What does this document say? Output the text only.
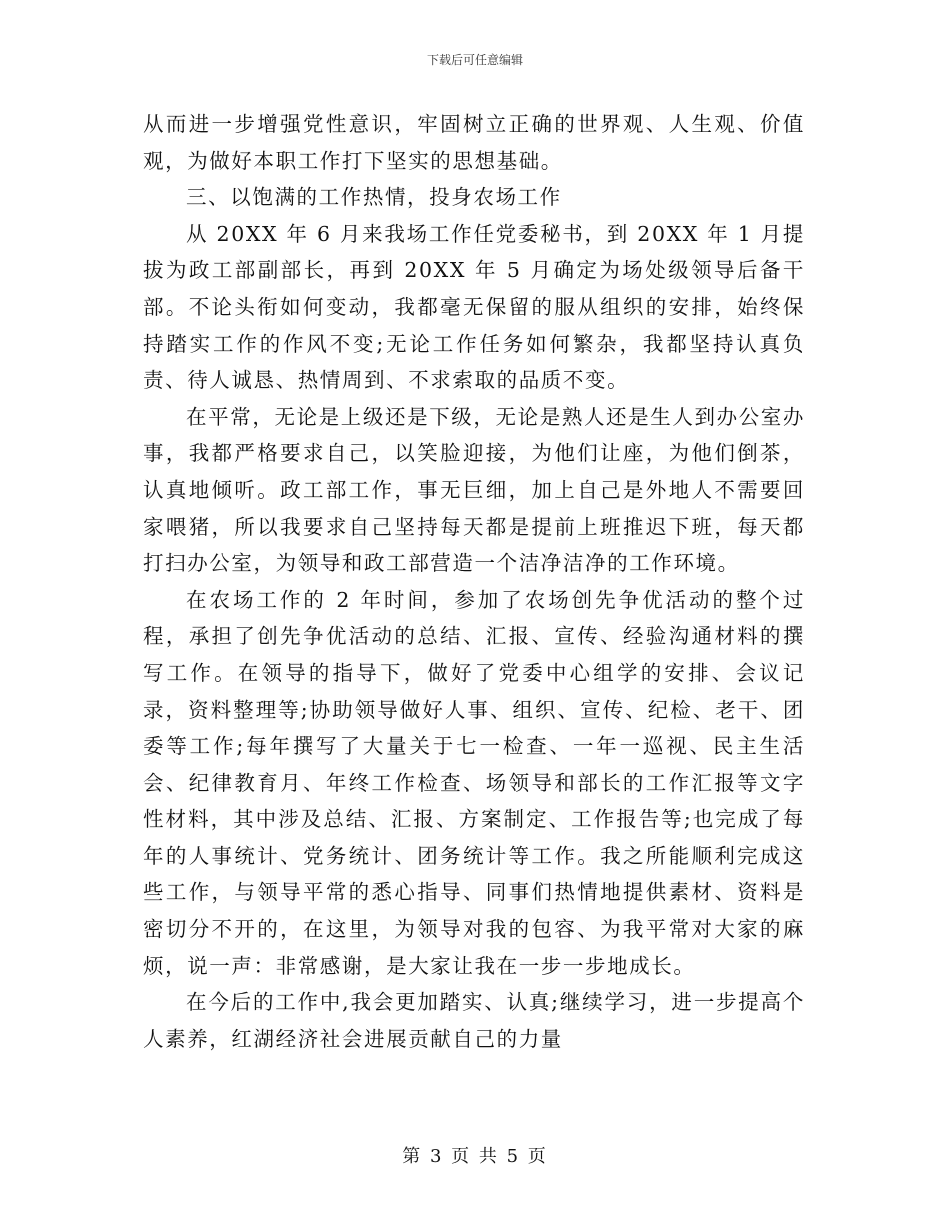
下载后可任意编辑

从而进一步增强党性意识，牢固树立正确的世界观、人生观、价值观，为做好本职工作打下坚实的思想基础。

三、以饱满的工作热情，投身农场工作

从 20XX 年 6 月来我场工作任党委秘书，到 20XX 年 1 月提拔为政工部副部长，再到 20XX 年 5 月确定为场处级领导后备干部。不论头衔如何变动，我都毫无保留的服从组织的安排，始终保持踏实工作的作风不变;无论工作任务如何繁杂，我都坚持认真负责、待人诚恳、热情周到、不求索取的品质不变。

在平常，无论是上级还是下级，无论是熟人还是生人到办公室办事，我都严格要求自己，以笑脸迎接，为他们让座，为他们倒茶，认真地倾听。政工部工作，事无巨细，加上自己是外地人不需要回家喂猪，所以我要求自己坚持每天都是提前上班推迟下班，每天都打扫办公室，为领导和政工部营造一个洁净洁净的工作环境。

在农场工作的 2 年时间，参加了农场创先争优活动的整个过程，承担了创先争优活动的总结、汇报、宣传、经验沟通材料的撰写工作。在领导的指导下，做好了党委中心组学的安排、会议记录，资料整理等;协助领导做好人事、组织、宣传、纪检、老干、团委等工作;每年撰写了大量关于七一检查、一年一巡视、民主生活会、纪律教育月、年终工作检查、场领导和部长的工作汇报等文字性材料，其中涉及总结、汇报、方案制定、工作报告等;也完成了每年的人事统计、党务统计、团务统计等工作。我之所能顺利完成这些工作，与领导平常的悉心指导、同事们热情地提供素材、资料是密切分不开的，在这里，为领导对我的包容、为我平常对大家的麻烦，说一声：非常感谢，是大家让我在一步一步地成长。

在今后的工作中,我会更加踏实、认真;继续学习，进一步提高个人素养，红湖经济社会进展贡献自己的力量

第 3 页 共 5 页
